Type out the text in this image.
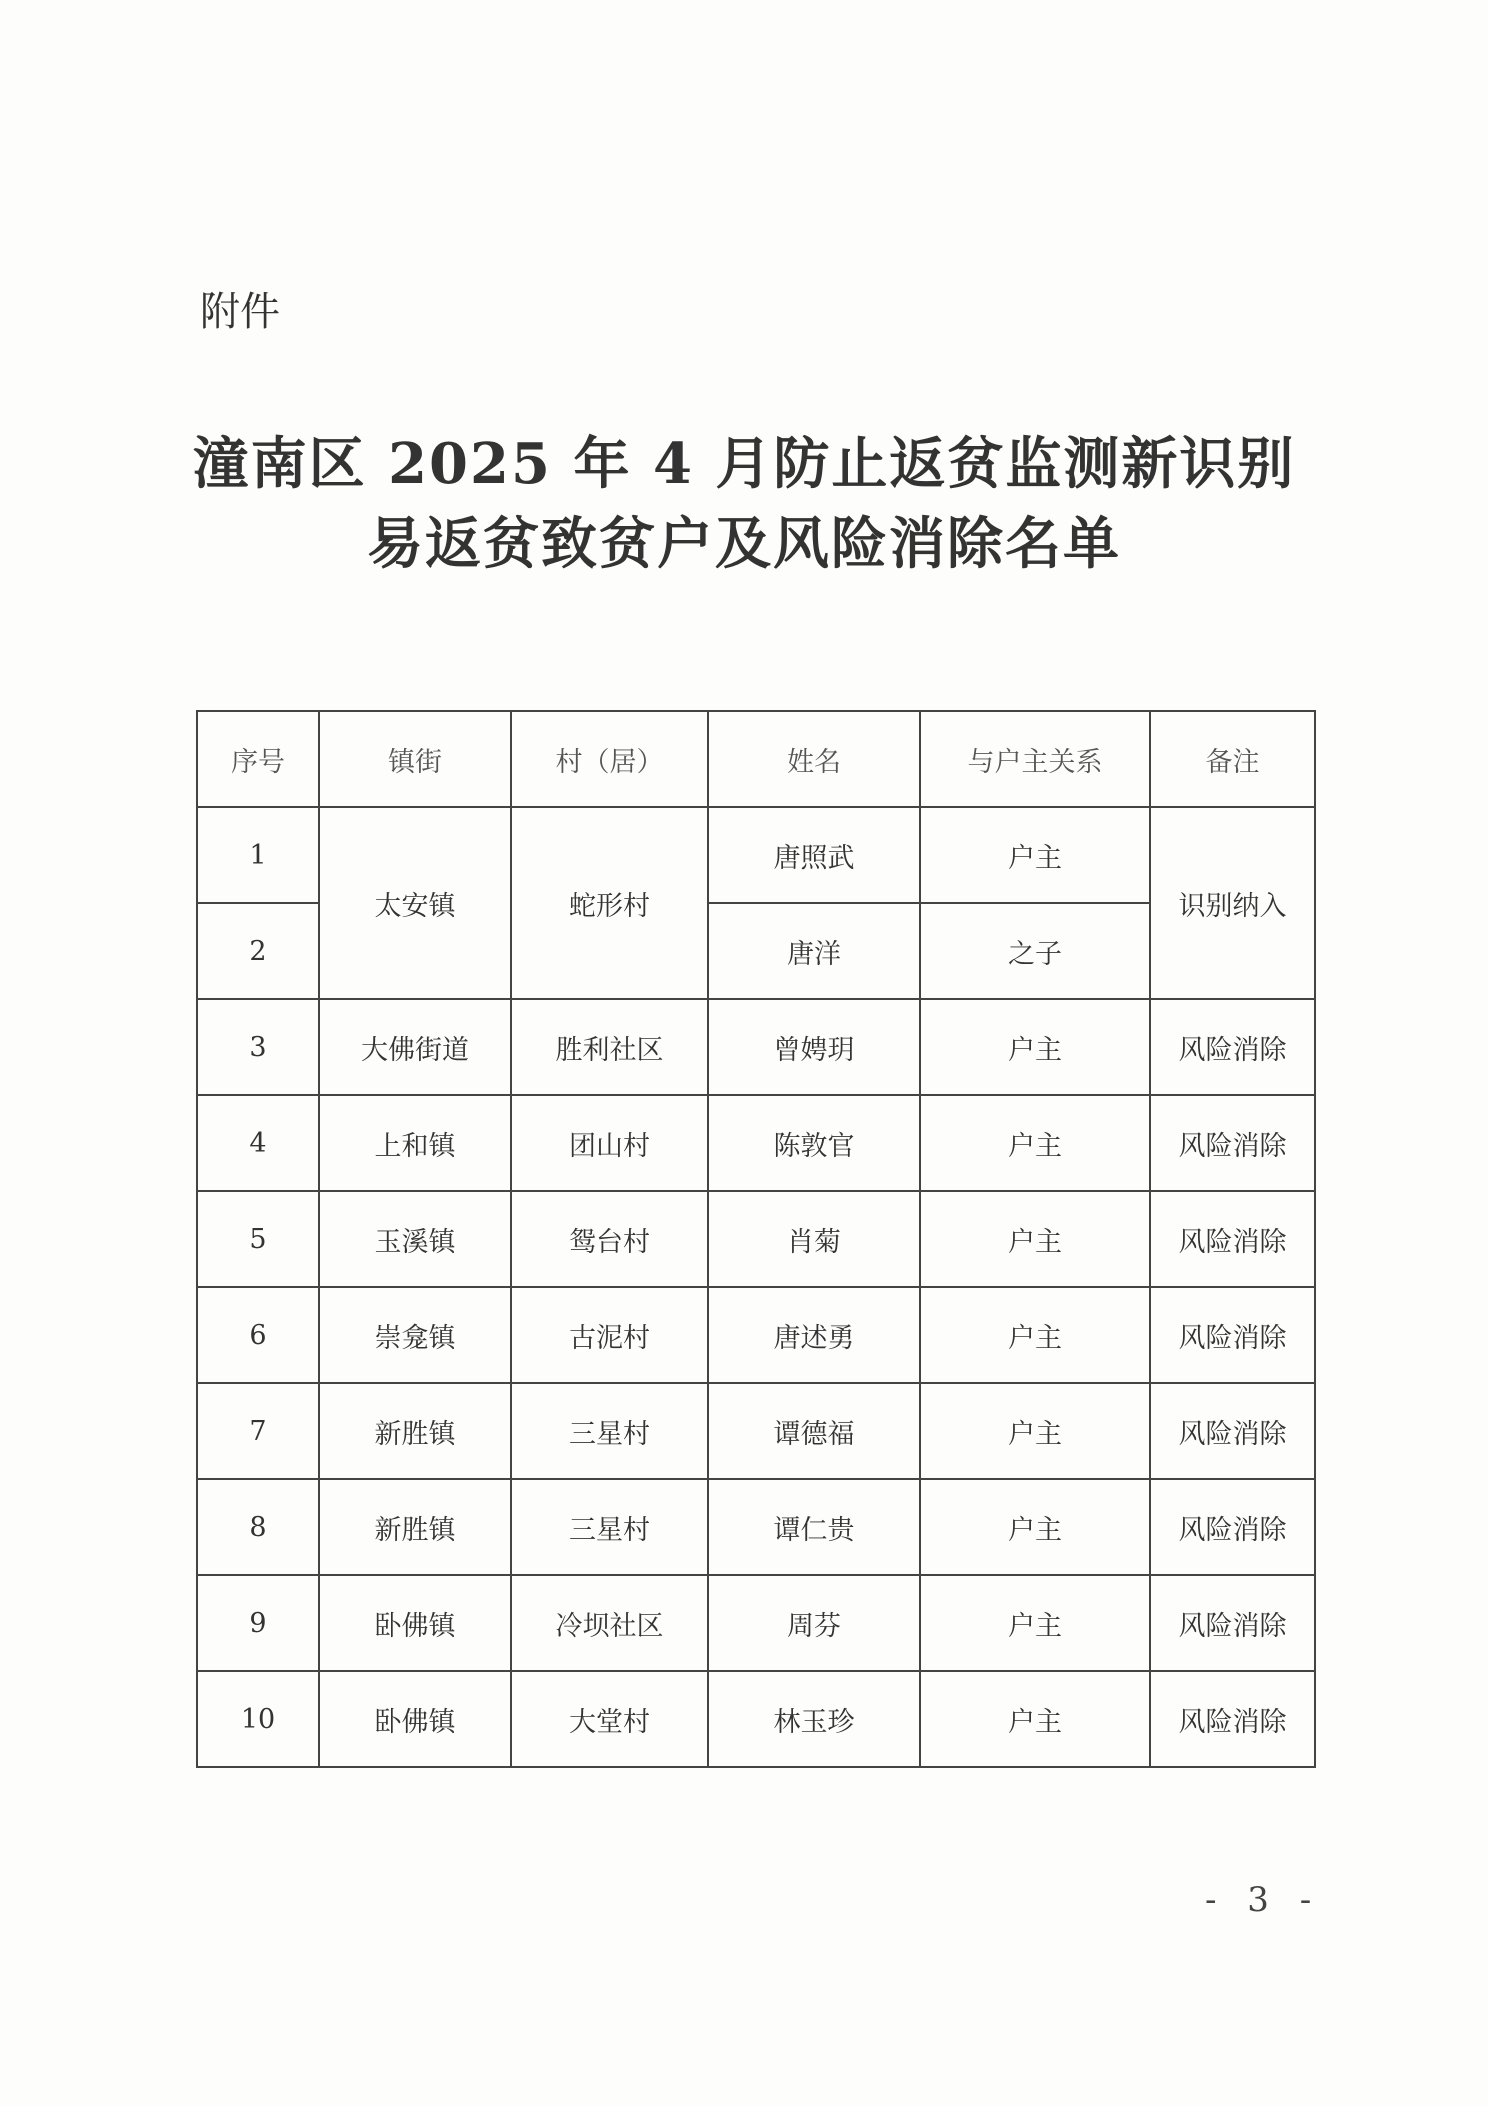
附件
潼南区 2025 年 4 月防止返贫监测新识别
易返贫致贫户及风险消除名单
序号	镇街	村（居）	姓名	与户主关系	备注
1	太安镇	蛇形村	唐照武	户主	识别纳入
2			唐洋	之子	
3	大佛街道	胜利社区	曾娉玥	户主	风险消除
4	上和镇	团山村	陈敦官	户主	风险消除
5	玉溪镇	鸳台村	肖菊	户主	风险消除
6	崇龛镇	古泥村	唐述勇	户主	风险消除
7	新胜镇	三星村	谭德福	户主	风险消除
8	新胜镇	三星村	谭仁贵	户主	风险消除
9	卧佛镇	冷坝社区	周芬	户主	风险消除
10	卧佛镇	大堂村	林玉珍	户主	风险消除
- 3 -
